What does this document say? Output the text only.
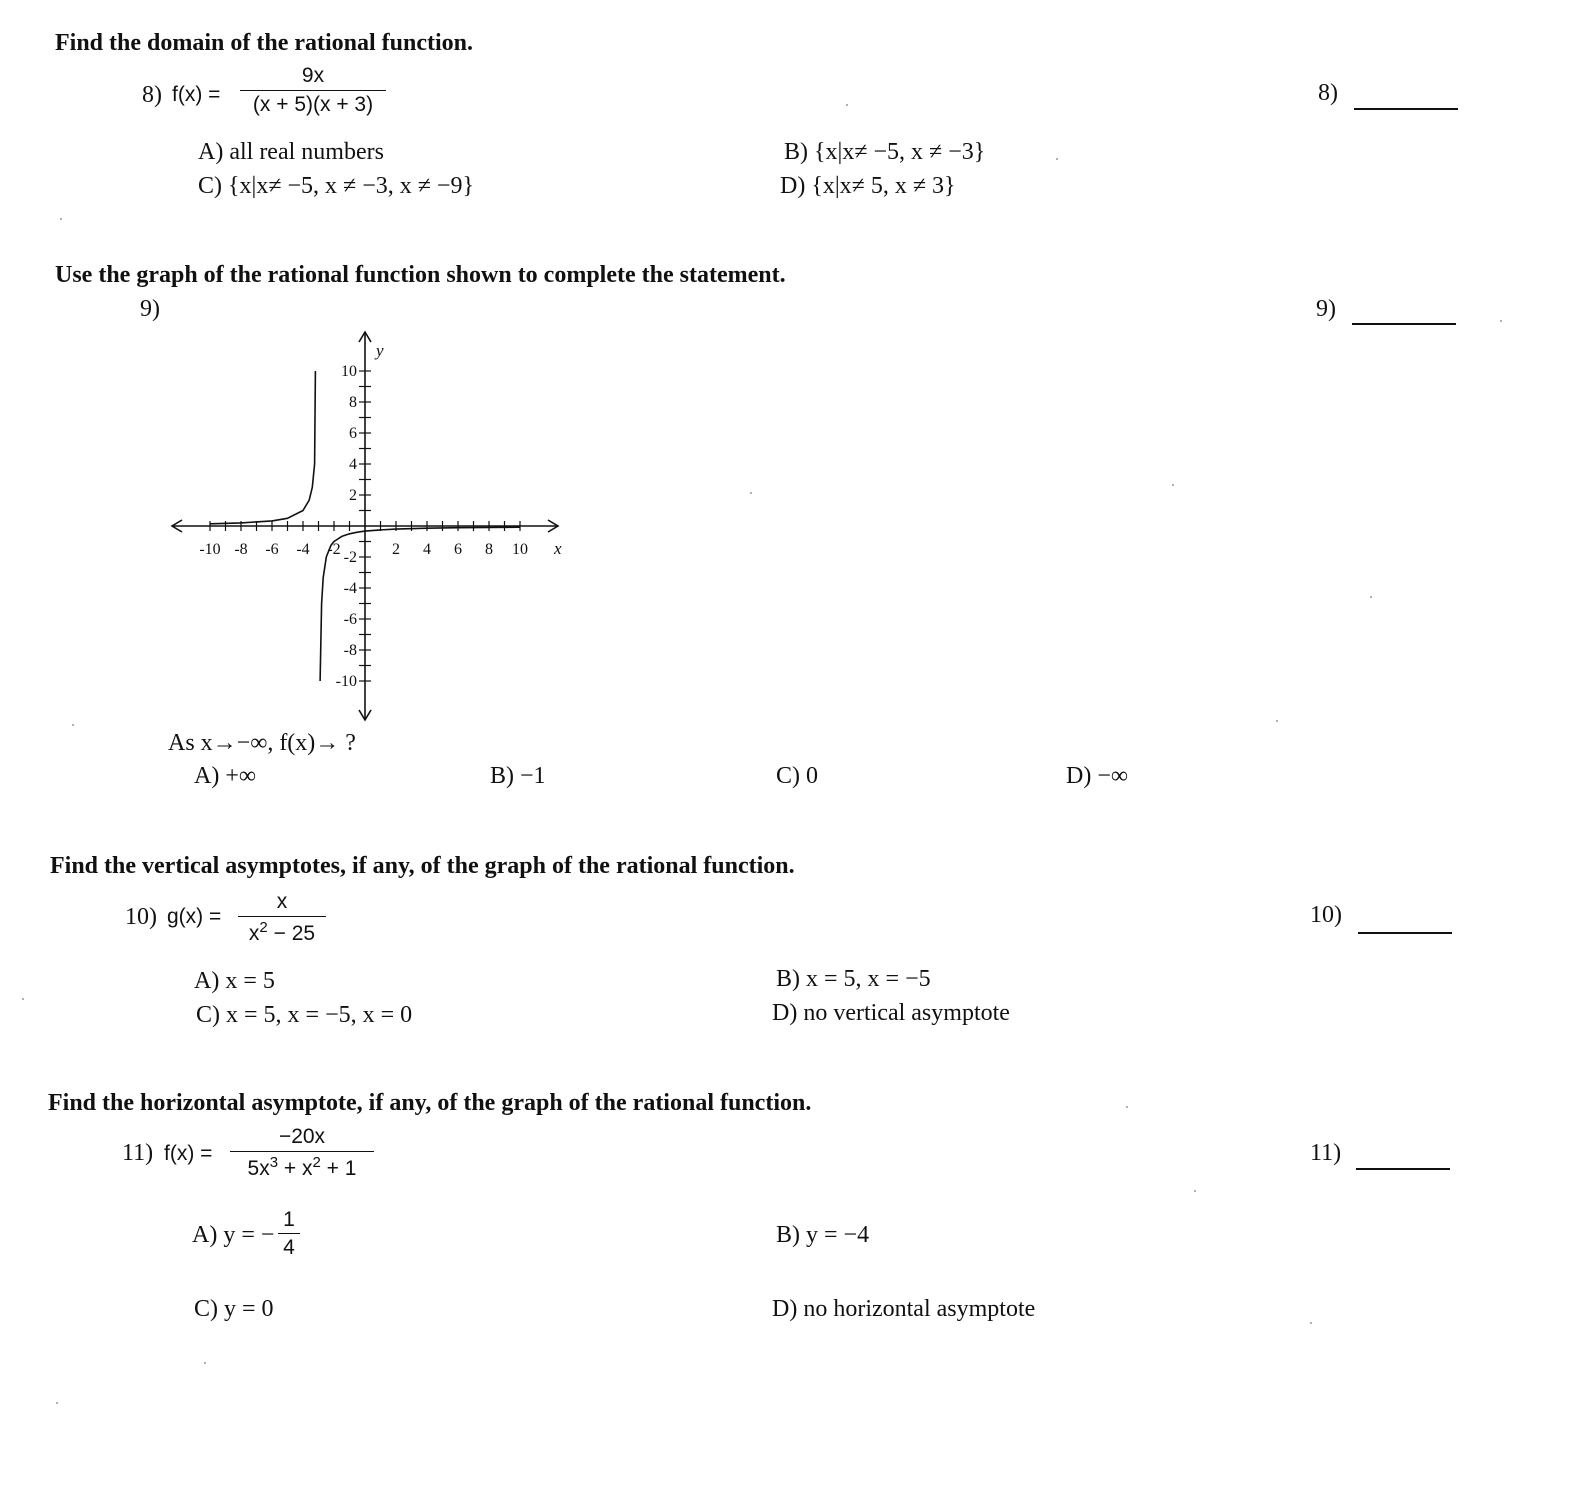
Find the domain of the rational function.
8) f(x) =
9x
(x + 5)(x + 3)	8)
A) all real numbers	B) {x|x≠ −5, x ≠ −3}
C) {x|x≠ −5, x ≠ −3, x ≠ −9}	D) {x|x≠ 5, x ≠ 3}
Use the graph of the rational function shown to complete the statement.
9)	9)
-10 -8 -6 -4 -2	2 4 6 8 10
10
8
6
4
2
-2
-4
-6
-8
-10
x
y
As x→−∞, f(x)→ ?
A) +∞	B) −1	C) 0	D) −∞
Find the vertical asymptotes, if any, of the graph of the rational function.
10) g(x) =
x
$x^2 - 25$
10)
A) x = 5	B) x = 5, x = −5
C) x = 5, x = −5, x = 0	D) no vertical asymptote
Find the horizontal asymptote, if any, of the graph of the rational function.
11) f(x) =
−20x
$5x^3 + x^2 + 1$
11)
A) y = −
1
4	B) y = −4
C) y = 0	D) no horizontal asymptote
